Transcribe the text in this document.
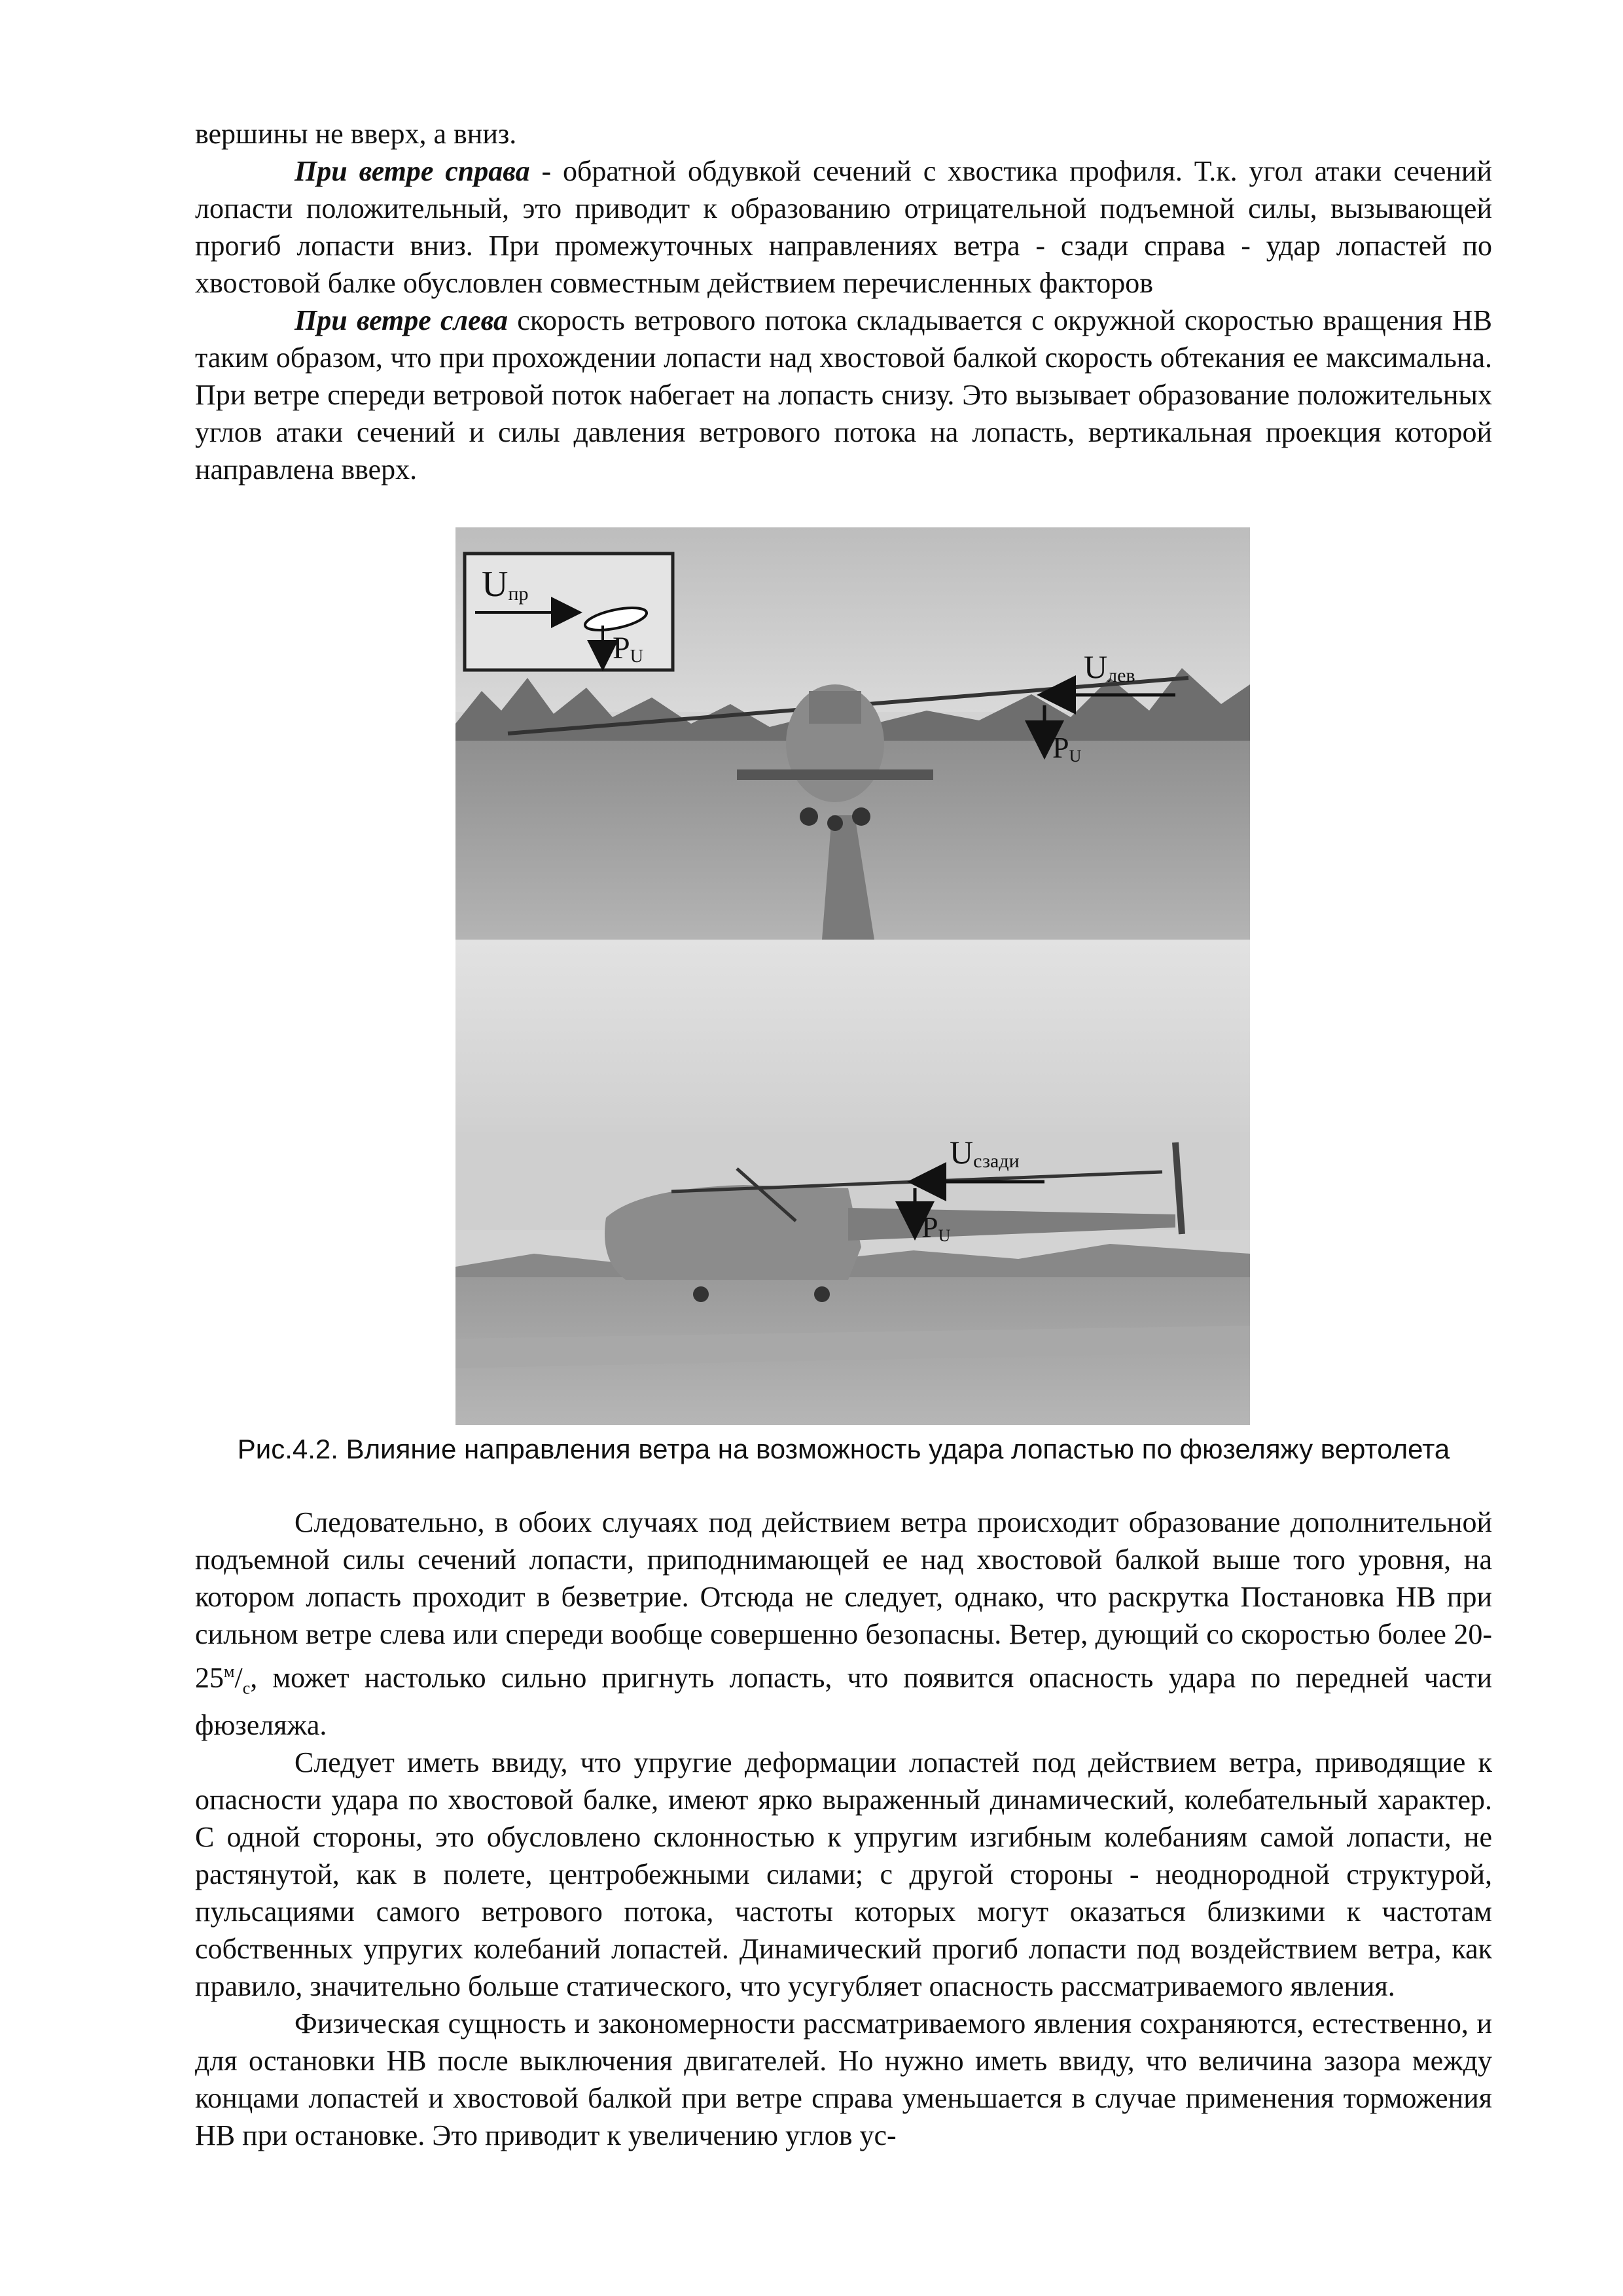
вершины не вверх, а вниз.

При ветре справа - обратной обдувкой сечений с хвостика профиля. Т.к. угол атаки сечений лопасти положительный, это приводит к образованию отрицательной подъемной силы, вызывающей прогиб лопасти вниз. При промежуточных направлениях ветра - сзади справа - удар лопастей по хвостовой балке обусловлен совместным действием перечисленных факторов

При ветре слева скорость ветрового потока складывается с окружной скоростью вращения НВ таким образом, что при прохождении лопасти над хвостовой балкой скорость обтекания ее максимальна. При ветре спереди ветровой поток набегает на лопасть снизу. Это вызывает образование положительных углов атаки сечений и силы давления ветрового потока на лопасть, вертикальная проекция которой направлена вверх.

Uпр
PU	Uлев
PU
Uсзади
PU
Рис.4.2. Влияние направления ветра на возможность удара лопастью по фюзеляжу вертолета

Следовательно, в обоих случаях под действием ветра происходит образование дополнительной подъемной силы сечений лопасти, приподнимающей ее над хвостовой балкой выше того уровня, на котором лопасть проходит в безветрие. Отсюда не следует, однако, что раскрутка Постановка НВ при сильном ветре слева или спереди вообще совершенно безопасны. Ветер, дующий со скоростью более $20-25^м/_с$, может настолько сильно пригнуть лопасть, что появится опасность удара по передней части фюзеляжа.

Следует иметь ввиду, что упругие деформации лопастей под действием ветра, приводящие к опасности удара по хвостовой балке, имеют ярко выраженный динамический, колебательный характер. С одной стороны, это обусловлено склонностью к упругим изгибным колебаниям самой лопасти, не растянутой, как в полете, центробежными силами; с другой стороны - неоднородной структурой, пульсациями самого ветрового потока, частоты которых могут оказаться близкими к частотам собственных упругих колебаний лопастей. Динамический прогиб лопасти под воздействием ветра, как правило, значительно больше статического, что усугубляет опасность рассматриваемого явления.

Физическая сущность и закономерности рассматриваемого явления сохраняются, естественно, и для остановки НВ после выключения двигателей. Но нужно иметь ввиду, что величина зазора между концами лопастей и хвостовой балкой при ветре справа уменьшается в случае применения торможения НВ при остановке. Это приводит к увеличению углов ус-
